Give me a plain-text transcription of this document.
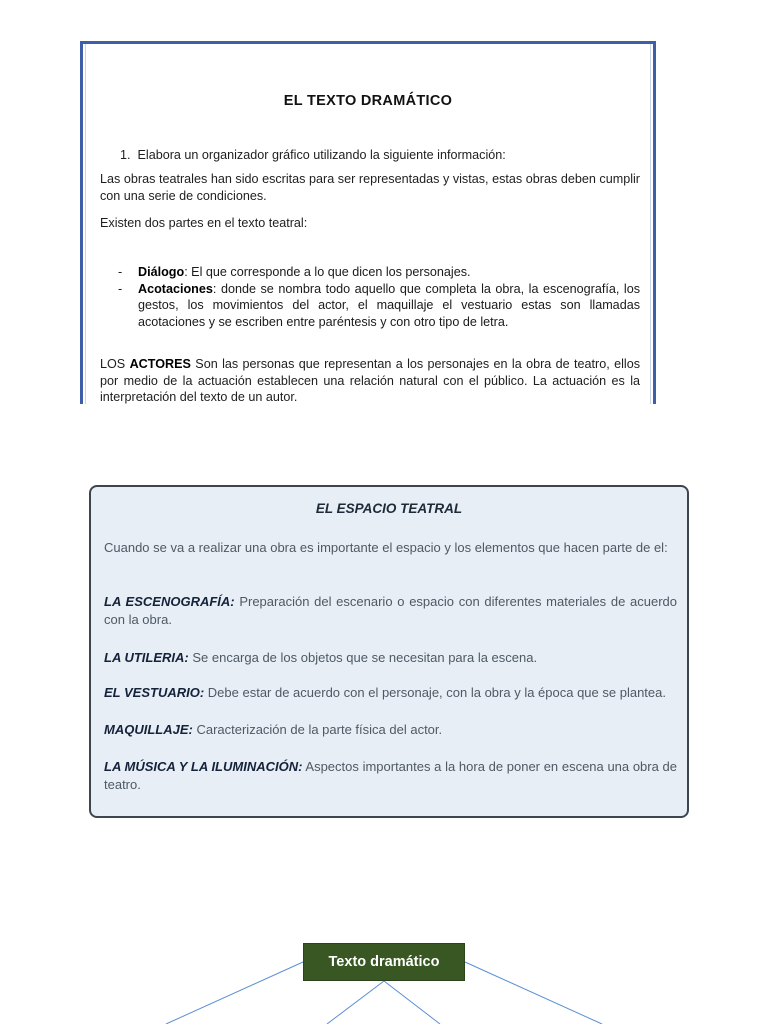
EL TEXTO DRAMÁTICO

1. Elabora un organizador gráfico utilizando la siguiente información:

Las obras teatrales han sido escritas para ser representadas y vistas, estas obras deben cumplir con una serie de condiciones.

Existen dos partes en el texto teatral:

- Diálogo: El que corresponde a lo que dicen los personajes.
- Acotaciones: donde se nombra todo aquello que completa la obra, la escenografía, los gestos, los movimientos del actor, el maquillaje el vestuario estas son llamadas acotaciones y se escriben entre paréntesis y con otro tipo de letra.

LOS ACTORES Son las personas que representan a los personajes en la obra de teatro, ellos por medio de la actuación establecen una relación natural con el público. La actuación es la interpretación del texto de un autor.

EL ESPACIO TEATRAL

Cuando se va a realizar una obra es importante el espacio y los elementos que hacen parte de el:

LA ESCENOGRAFÍA: Preparación del escenario o espacio con diferentes materiales de acuerdo con la obra.

LA UTILERIA: Se encarga de los objetos que se necesitan para la escena.

EL VESTUARIO: Debe estar de acuerdo con el personaje, con la obra y la época que se plantea.

MAQUILLAJE: Caracterización de la parte física del actor.

LA MÚSICA Y LA ILUMINACIÓN: Aspectos importantes a la hora de poner en escena una obra de teatro.

Texto dramático
